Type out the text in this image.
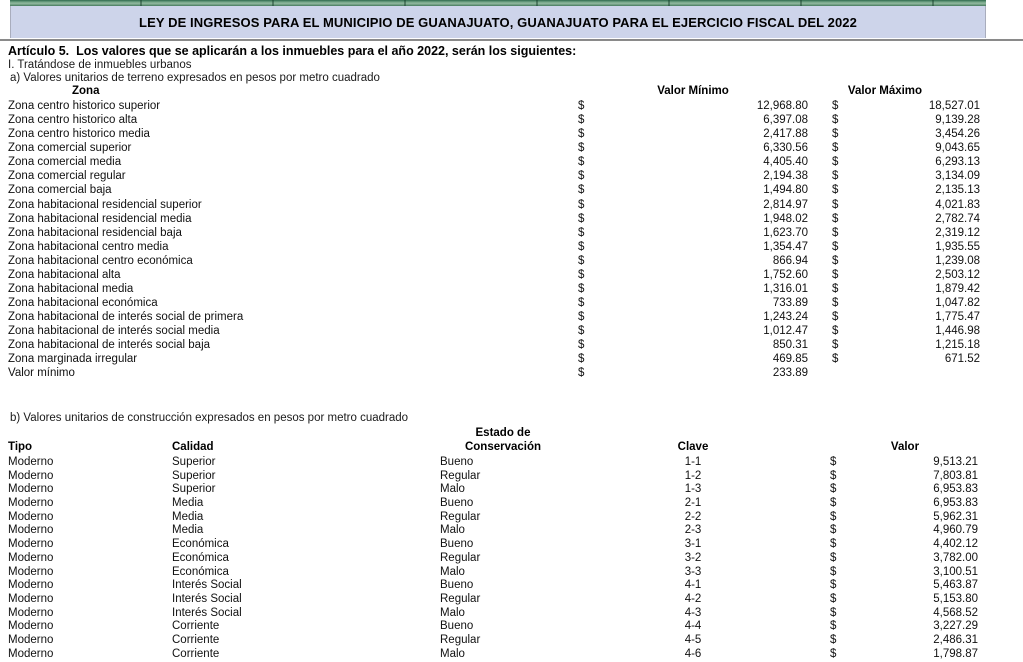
LEY DE INGRESOS PARA EL MUNICIPIO DE GUANAJUATO, GUANAJUATO PARA EL EJERCICIO FISCAL DEL 2022
Artículo 5.  Los valores que se aplicarán a los inmuebles para el año 2022, serán los siguientes:
I. Tratándose de inmuebles urbanos
a) Valores unitarios de terreno expresados en pesos por metro cuadrado
Zona	Valor Mínimo	Valor Máximo
Zona centro historico superior	$	12,968.80 $	18,527.01
Zona centro historico alta	$	6,397.08 $	9,139.28
Zona centro historico media	$	2,417.88 $	3,454.26
Zona comercial superior	$	6,330.56 $	9,043.65
Zona comercial media	$	4,405.40 $	6,293.13
Zona comercial regular	$	2,194.38 $	3,134.09
Zona comercial baja	$	1,494.80 $	2,135.13
Zona habitacional residencial superior	$	2,814.97 $	4,021.83
Zona habitacional residencial media	$	1,948.02 $	2,782.74
Zona habitacional residencial baja	$	1,623.70 $	2,319.12
Zona habitacional centro media	$	1,354.47 $	1,935.55
Zona habitacional centro económica	$	866.94 $	1,239.08
Zona habitacional alta	$	1,752.60 $	2,503.12
Zona habitacional media	$	1,316.01 $	1,879.42
Zona habitacional económica	$	733.89 $	1,047.82
Zona habitacional de interés social de primera	$	1,243.24 $	1,775.47
Zona habitacional de interés social media	$	1,012.47 $	1,446.98
Zona habitacional de interés social baja	$	850.31 $	1,215.18
Zona marginada irregular	$	469.85 $	671.52
Valor mínimo	$	233.89
b) Valores unitarios de construcción expresados en pesos por metro cuadrado
Estado de
Tipo	Calidad	Conservación	Clave	Valor
Moderno	Superior	Bueno	1-1	$	9,513.21
Moderno	Superior	Regular	1-2	$	7,803.81
Moderno	Superior	Malo	1-3	$	6,953.83
Moderno	Media	Bueno	2-1	$	6,953.83
Moderno	Media	Regular	2-2	$	5,962.31
Moderno	Media	Malo	2-3	$	4,960.79
Moderno	Económica	Bueno	3-1	$	4,402.12
Moderno	Económica	Regular	3-2	$	3,782.00
Moderno	Económica	Malo	3-3	$	3,100.51
Moderno	Interés Social	Bueno	4-1	$	5,463.87
Moderno	Interés Social	Regular	4-2	$	5,153.80
Moderno	Interés Social	Malo	4-3	$	4,568.52
Moderno	Corriente	Bueno	4-4	$	3,227.29
Moderno	Corriente	Regular	4-5	$	2,486.31
Moderno	Corriente	Malo	4-6	$	1,798.87
